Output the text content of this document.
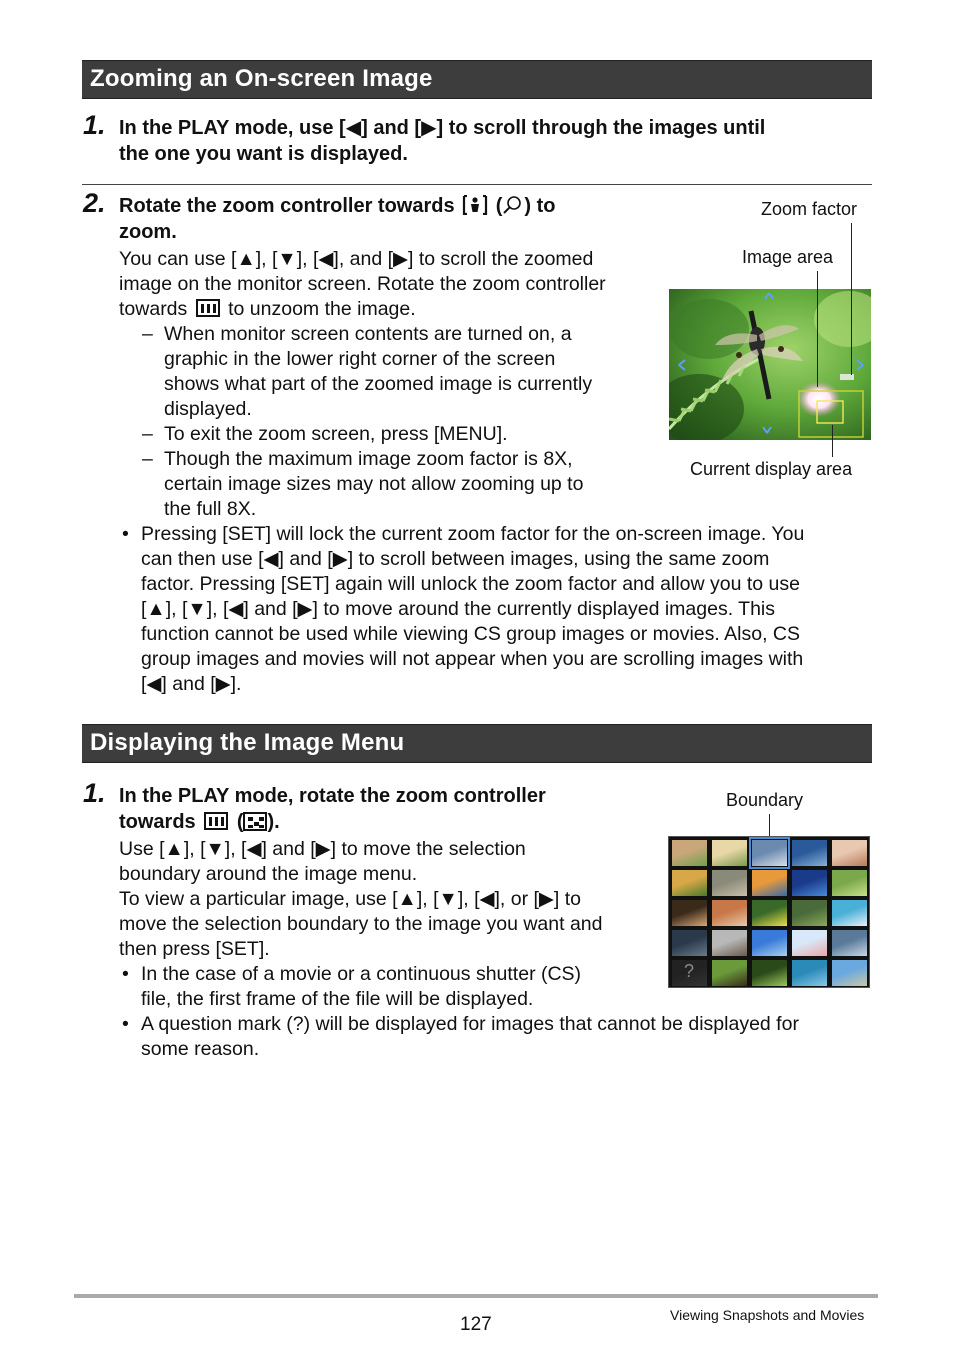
Zooming an On-screen Image
1. In the PLAY mode, use [◀] and [▶] to scroll through the images until
the one you want is displayed.
2. Rotate the zoom controller towards ( ) to
zoom.
You can use [▲], [▼], [◀], and [▶] to scroll the zoomed
image on the monitor screen. Rotate the zoom controller
towards to unzoom the image.
– When monitor screen contents are turned on, a
graphic in the lower right corner of the screen
shows what part of the zoomed image is currently
displayed.
– To exit the zoom screen, press [MENU].
– Though the maximum image zoom factor is 8X,
certain image sizes may not allow zooming up to
the full 8X.
• Pressing [SET] will lock the current zoom factor for the on-screen image. You
can then use [◀] and [▶] to scroll between images, using the same zoom
factor. Pressing [SET] again will unlock the zoom factor and allow you to use
[▲], [▼], [◀] and [▶] to move around the currently displayed images. This
function cannot be used while viewing CS group images or movies. Also, CS
group images and movies will not appear when you are scrolling images with
[◀] and [▶].
Zoom factor
Image area
Current display area
Displaying the Image Menu
1. In the PLAY mode, rotate the zoom controller
towards ( ).
Use [▲], [▼], [◀] and [▶] to move the selection
boundary around the image menu.
To view a particular image, use [▲], [▼], [◀], or [▶] to
move the selection boundary to the image you want and
then press [SET].
• In the case of a movie or a continuous shutter (CS)
file, the first frame of the file will be displayed.
• A question mark (?) will be displayed for images that cannot be displayed for
some reason.
Boundary
?
127	Viewing Snapshots and Movies
